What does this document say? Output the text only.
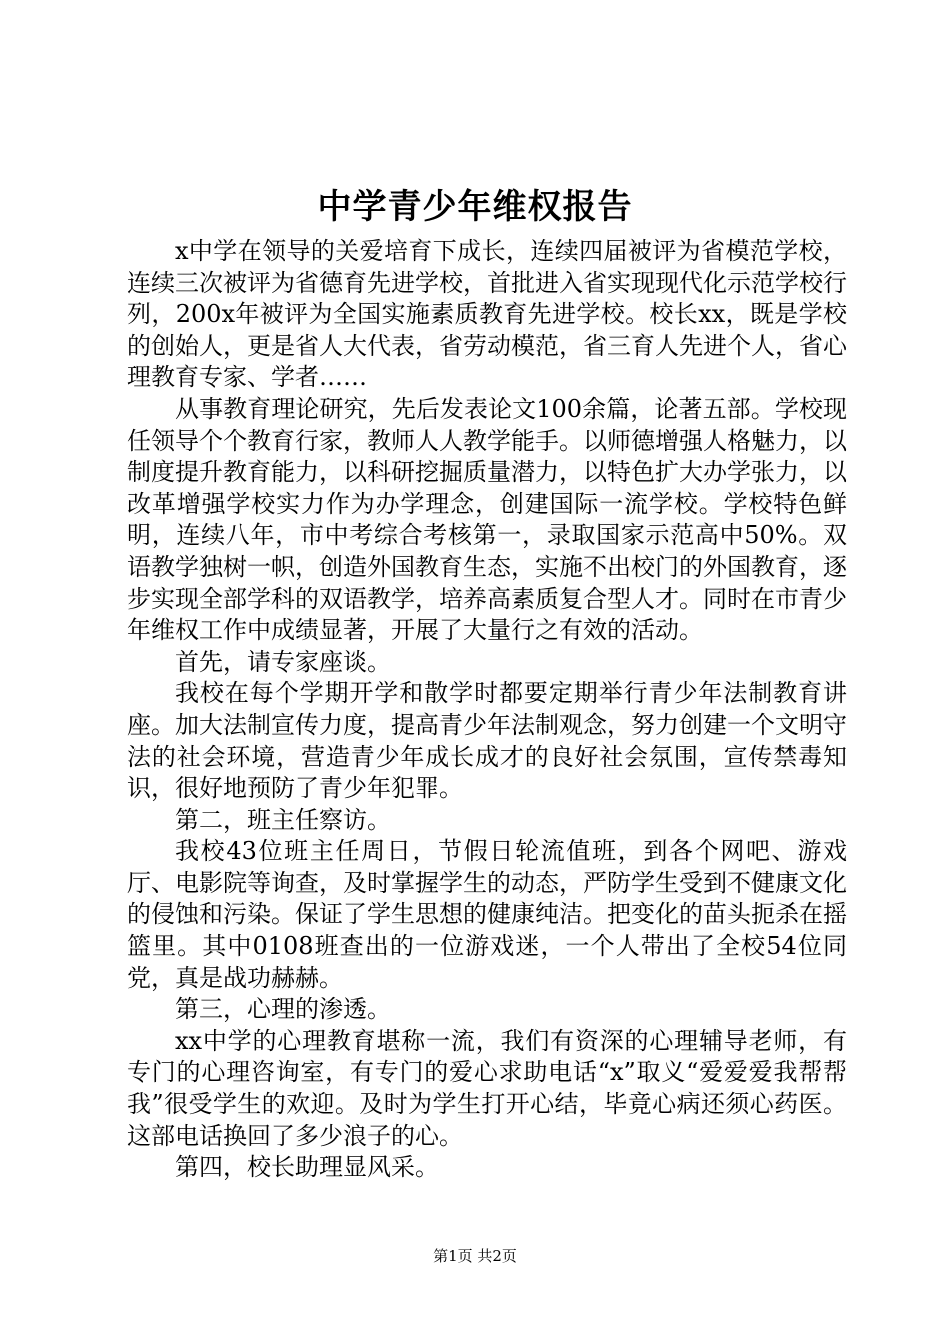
中学青少年维权报告

x中学在领导的关爱培育下成长，连续四届被评为省模范学校，连续三次被评为省德育先进学校，首批进入省实现现代化示范学校行列，200x年被评为全国实施素质教育先进学校。校长xx，既是学校的创始人，更是省人大代表，省劳动模范，省三育人先进个人，省心理教育专家、学者……

从事教育理论研究，先后发表论文100余篇，论著五部。学校现任领导个个教育行家，教师人人教学能手。以师德增强人格魅力，以制度提升教育能力，以科研挖掘质量潜力，以特色扩大办学张力，以改革增强学校实力作为办学理念，创建国际一流学校。学校特色鲜明，连续八年，市中考综合考核第一，录取国家示范高中50%。双语教学独树一帜，创造外国教育生态，实施不出校门的外国教育，逐步实现全部学科的双语教学，培养高素质复合型人才。同时在市青少年维权工作中成绩显著，开展了大量行之有效的活动。

首先，请专家座谈。

我校在每个学期开学和散学时都要定期举行青少年法制教育讲座。加大法制宣传力度，提高青少年法制观念，努力创建一个文明守法的社会环境，营造青少年成长成才的良好社会氛围，宣传禁毒知识，很好地预防了青少年犯罪。

第二，班主任察访。

我校43位班主任周日，节假日轮流值班，到各个网吧、游戏厅、电影院等询查，及时掌握学生的动态，严防学生受到不健康文化的侵蚀和污染。保证了学生思想的健康纯洁。把变化的苗头扼杀在摇篮里。其中0108班查出的一位游戏迷，一个人带出了全校54位同党，真是战功赫赫。

第三，心理的渗透。

xx中学的心理教育堪称一流，我们有资深的心理辅导老师，有专门的心理咨询室，有专门的爱心求助电话“x”取义“爱爱爱我帮帮我”很受学生的欢迎。及时为学生打开心结，毕竟心病还须心药医。这部电话换回了多少浪子的心。

第四，校长助理显风采。

第1页 共2页
